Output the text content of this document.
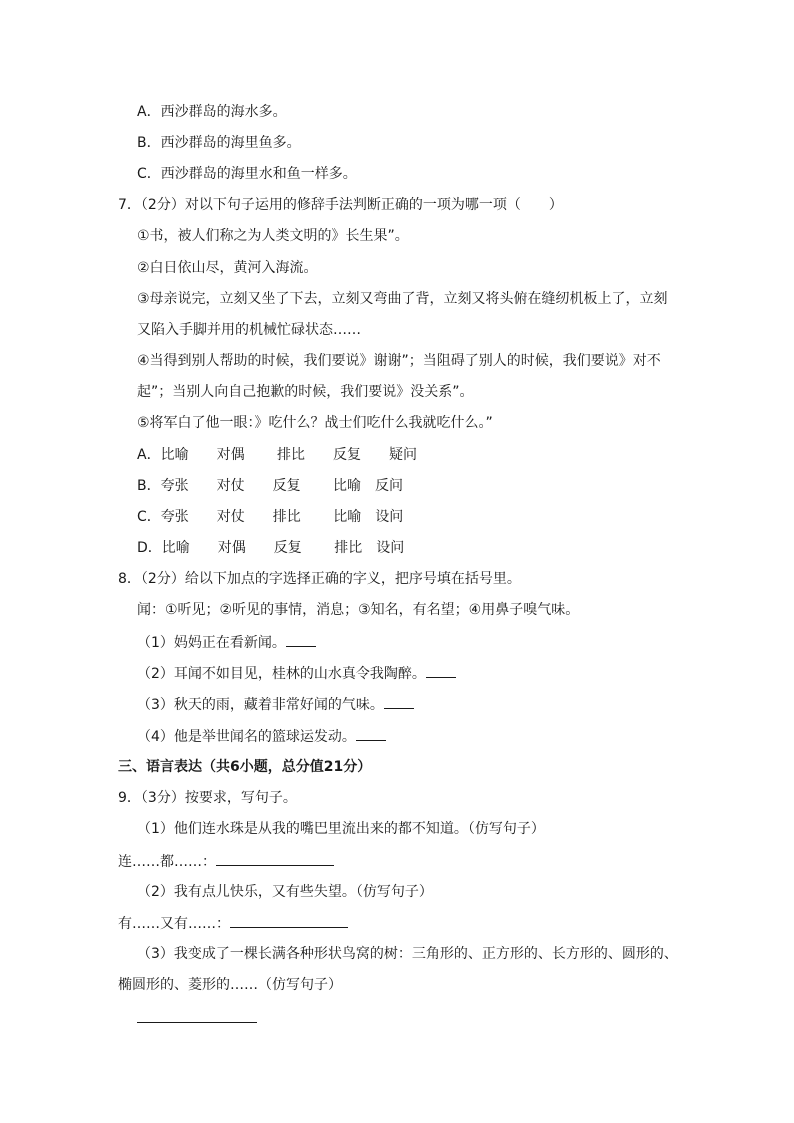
A．西沙群岛的海水多。
B．西沙群岛的海里鱼多。
C．西沙群岛的海里水和鱼一样多。
7．（2分）对以下句子运用的修辞手法判断正确的一项为哪一项（　　）
①书，被人们称之为人类文明的》长生果”。
②白日依山尽，黄河入海流。
③母亲说完，立刻又坐了下去，立刻又弯曲了背，立刻又将头俯在缝纫机板上了，立刻
又陷入手脚并用的机械忙碌状态……
④当得到别人帮助的时候，我们要说》谢谢”；当阻碍了别人的时候，我们要说》对不
起”；当别人向自己抱歉的时候，我们要说》没关系”。
⑤将军白了他一眼：》吃什么？战士们吃什么我就吃什么。”
A．比喻　　对偶　　 排比　　反复　　疑问
B．夸张　　对仗　　反复　　 比喻　反问
C．夸张　　对仗　　排比　　 比喻　设问
D．比喻　　对偶　　反复　　 排比　设问
8．（2分）给以下加点的字选择正确的字义，把序号填在括号里。
闻：①听见；②听见的事情，消息；③知名，有名望；④用鼻子嗅气味。
（1）妈妈正在看新闻。
（2）耳闻不如目见，桂林的山水真令我陶醉。
（3）秋天的雨，藏着非常好闻的气味。
（4）他是举世闻名的篮球运发动。
三、语言表达（共6小题，总分值21分）
9．（3分）按要求，写句子。
（1）他们连水珠是从我的嘴巴里流出来的都不知道。（仿写句子）
连……都……：
（2）我有点儿快乐，又有些失望。（仿写句子）
有……又有……：
（3）我变成了一棵长满各种形状鸟窝的树：三角形的、正方形的、长方形的、圆形的、
椭圆形的、菱形的……（仿写句子）
